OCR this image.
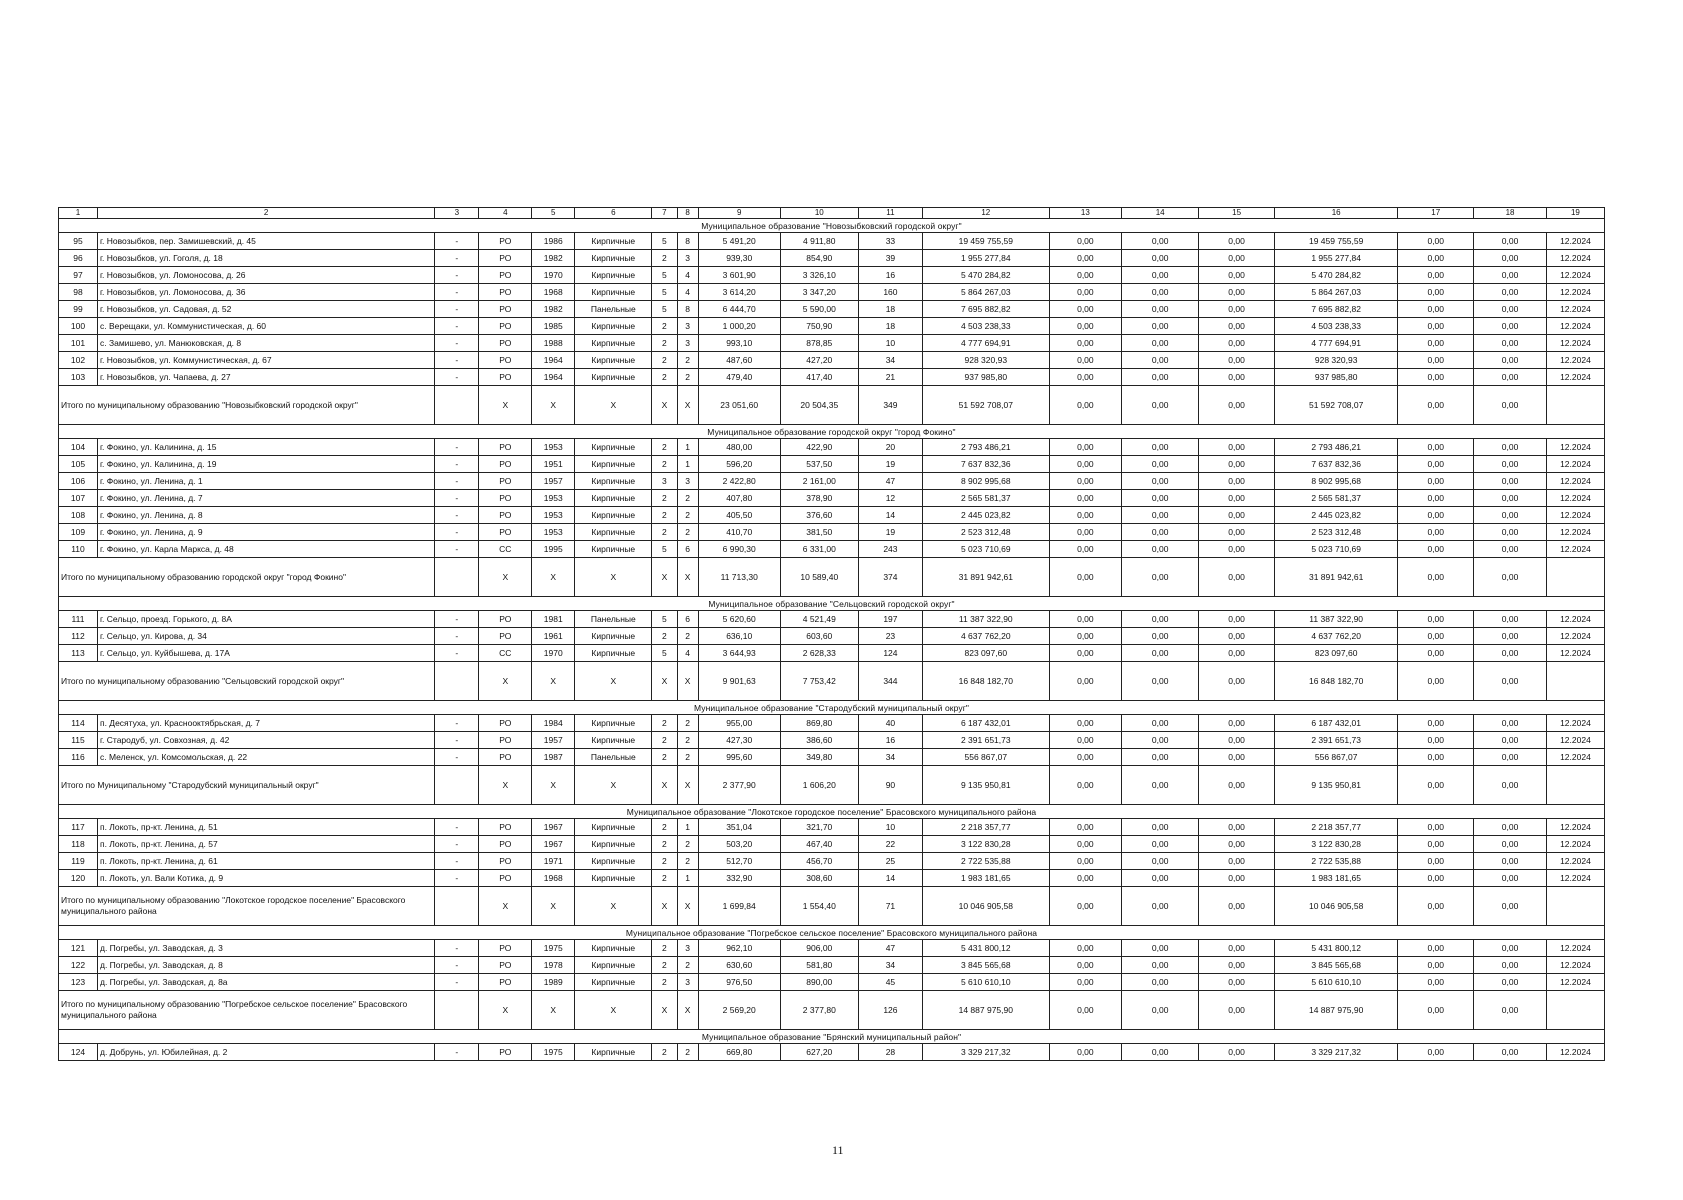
1	2	3	4	5	6	7	8	9	10	11	12	13	14	15	16	17	18	19
Муниципальное образование "Новозыбковский городской округ"																		
95	г. Новозыбков, пер. Замишевский, д. 45	-	РО	1986	Кирпичные	5	8	5 491,20	4 911,80	33	19 459 755,59	0,00	0,00	0,00	19 459 755,59	0,00	0,00	12.2024
96	г. Новозыбков, ул. Гоголя, д. 18	-	РО	1982	Кирпичные	2	3	939,30	854,90	39	1 955 277,84	0,00	0,00	0,00	1 955 277,84	0,00	0,00	12.2024
97	г. Новозыбков, ул. Ломоносова, д. 26	-	РО	1970	Кирпичные	5	4	3 601,90	3 326,10	16	5 470 284,82	0,00	0,00	0,00	5 470 284,82	0,00	0,00	12.2024
98	г. Новозыбков, ул. Ломоносова, д. 36	-	РО	1968	Кирпичные	5	4	3 614,20	3 347,20	160	5 864 267,03	0,00	0,00	0,00	5 864 267,03	0,00	0,00	12.2024
99	г. Новозыбков, ул. Садовая, д. 52	-	РО	1982	Панельные	5	8	6 444,70	5 590,00	18	7 695 882,82	0,00	0,00	0,00	7 695 882,82	0,00	0,00	12.2024
100	с. Верещаки, ул. Коммунистическая, д. 60	-	РО	1985	Кирпичные	2	3	1 000,20	750,90	18	4 503 238,33	0,00	0,00	0,00	4 503 238,33	0,00	0,00	12.2024
101	с. Замишево, ул. Манюковская, д. 8	-	РО	1988	Кирпичные	2	3	993,10	878,85	10	4 777 694,91	0,00	0,00	0,00	4 777 694,91	0,00	0,00	12.2024
102	г. Новозыбков, ул. Коммунистическая, д. 67	-	РО	1964	Кирпичные	2	2	487,60	427,20	34	928 320,93	0,00	0,00	0,00	928 320,93	0,00	0,00	12.2024
103	г. Новозыбков, ул. Чапаева, д. 27	-	РО	1964	Кирпичные	2	2	479,40	417,40	21	937 985,80	0,00	0,00	0,00	937 985,80	0,00	0,00	12.2024
Итого по муниципальному образованию "Новозыбковский городской округ"			X	X	X	X	X	23 051,60	20 504,35	349	51 592 708,07	0,00	0,00	0,00	51 592 708,07	0,00	0,00	
Муниципальное образование городской округ "город Фокино"																		
104	г. Фокино, ул. Калинина, д. 15	-	РО	1953	Кирпичные	2	1	480,00	422,90	20	2 793 486,21	0,00	0,00	0,00	2 793 486,21	0,00	0,00	12.2024
105	г. Фокино, ул. Калинина, д. 19	-	РО	1951	Кирпичные	2	1	596,20	537,50	19	7 637 832,36	0,00	0,00	0,00	7 637 832,36	0,00	0,00	12.2024
106	г. Фокино, ул. Ленина, д. 1	-	РО	1957	Кирпичные	3	3	2 422,80	2 161,00	47	8 902 995,68	0,00	0,00	0,00	8 902 995,68	0,00	0,00	12.2024
107	г. Фокино, ул. Ленина, д. 7	-	РО	1953	Кирпичные	2	2	407,80	378,90	12	2 565 581,37	0,00	0,00	0,00	2 565 581,37	0,00	0,00	12.2024
108	г. Фокино, ул. Ленина, д. 8	-	РО	1953	Кирпичные	2	2	405,50	376,60	14	2 445 023,82	0,00	0,00	0,00	2 445 023,82	0,00	0,00	12.2024
109	г. Фокино, ул. Ленина, д. 9	-	РО	1953	Кирпичные	2	2	410,70	381,50	19	2 523 312,48	0,00	0,00	0,00	2 523 312,48	0,00	0,00	12.2024
110	г. Фокино, ул. Карла Маркса, д. 48	-	СС	1995	Кирпичные	5	6	6 990,30	6 331,00	243	5 023 710,69	0,00	0,00	0,00	5 023 710,69	0,00	0,00	12.2024
Итого по муниципальному образованию городской округ "город Фокино"			X	X	X	X	X	11 713,30	10 589,40	374	31 891 942,61	0,00	0,00	0,00	31 891 942,61	0,00	0,00	
Муниципальное образование "Сельцовский городской округ"																		
111	г. Сельцо, проезд. Горького, д. 8А	-	РО	1981	Панельные	5	6	5 620,60	4 521,49	197	11 387 322,90	0,00	0,00	0,00	11 387 322,90	0,00	0,00	12.2024
112	г. Сельцо, ул. Кирова, д. 34	-	РО	1961	Кирпичные	2	2	636,10	603,60	23	4 637 762,20	0,00	0,00	0,00	4 637 762,20	0,00	0,00	12.2024
113	г. Сельцо, ул. Куйбышева, д. 17А	-	СС	1970	Кирпичные	5	4	3 644,93	2 628,33	124	823 097,60	0,00	0,00	0,00	823 097,60	0,00	0,00	12.2024
Итого по муниципальному образованию "Сельцовский городской округ"			X	X	X	X	X	9 901,63	7 753,42	344	16 848 182,70	0,00	0,00	0,00	16 848 182,70	0,00	0,00	
Муниципальное образование "Стародубский муниципальный округ"																		
114	п. Десятуха, ул. Краснооктябрьская, д. 7	-	РО	1984	Кирпичные	2	2	955,00	869,80	40	6 187 432,01	0,00	0,00	0,00	6 187 432,01	0,00	0,00	12.2024
115	г. Стародуб, ул. Совхозная, д. 42	-	РО	1957	Кирпичные	2	2	427,30	386,60	16	2 391 651,73	0,00	0,00	0,00	2 391 651,73	0,00	0,00	12.2024
116	с. Меленск, ул. Комсомольская, д. 22	-	РО	1987	Панельные	2	2	995,60	349,80	34	556 867,07	0,00	0,00	0,00	556 867,07	0,00	0,00	12.2024
Итого по Муниципальному "Стародубский муниципальный округ"			X	X	X	X	X	2 377,90	1 606,20	90	9 135 950,81	0,00	0,00	0,00	9 135 950,81	0,00	0,00	
Муниципальное образование "Локотское городское поселение" Брасовского муниципального района																		
117	п. Локоть, пр-кт. Ленина, д. 51	-	РО	1967	Кирпичные	2	1	351,04	321,70	10	2 218 357,77	0,00	0,00	0,00	2 218 357,77	0,00	0,00	12.2024
118	п. Локоть, пр-кт. Ленина, д. 57	-	РО	1967	Кирпичные	2	2	503,20	467,40	22	3 122 830,28	0,00	0,00	0,00	3 122 830,28	0,00	0,00	12.2024
119	п. Локоть, пр-кт. Ленина, д. 61	-	РО	1971	Кирпичные	2	2	512,70	456,70	25	2 722 535,88	0,00	0,00	0,00	2 722 535,88	0,00	0,00	12.2024
120	п. Локоть, ул. Вали Котика, д. 9	-	РО	1968	Кирпичные	2	1	332,90	308,60	14	1 983 181,65	0,00	0,00	0,00	1 983 181,65	0,00	0,00	12.2024
Итого по муниципальному образованию "Локотское городское поселение" Брасовского муниципального района			X	X	X	X	X	1 699,84	1 554,40	71	10 046 905,58	0,00	0,00	0,00	10 046 905,58	0,00	0,00	
Муниципальное образование "Погребское сельское поселение" Брасовского муниципального района																		
121	д. Погребы, ул. Заводская, д. 3	-	РО	1975	Кирпичные	2	3	962,10	906,00	47	5 431 800,12	0,00	0,00	0,00	5 431 800,12	0,00	0,00	12.2024
122	д. Погребы, ул. Заводская, д. 8	-	РО	1978	Кирпичные	2	2	630,60	581,80	34	3 845 565,68	0,00	0,00	0,00	3 845 565,68	0,00	0,00	12.2024
123	д. Погребы, ул. Заводская, д. 8а	-	РО	1989	Кирпичные	2	3	976,50	890,00	45	5 610 610,10	0,00	0,00	0,00	5 610 610,10	0,00	0,00	12.2024
Итого по муниципальному образованию "Погребское сельское поселение" Брасовского муниципального района			X	X	X	X	X	2 569,20	2 377,80	126	14 887 975,90	0,00	0,00	0,00	14 887 975,90	0,00	0,00	
Муниципальное образование "Брянский муниципальный район"																		
124	д. Добрунь, ул. Юбилейная, д. 2	-	РО	1975	Кирпичные	2	2	669,80	627,20	28	3 329 217,32	0,00	0,00	0,00	3 329 217,32	0,00	0,00	12.2024
11
